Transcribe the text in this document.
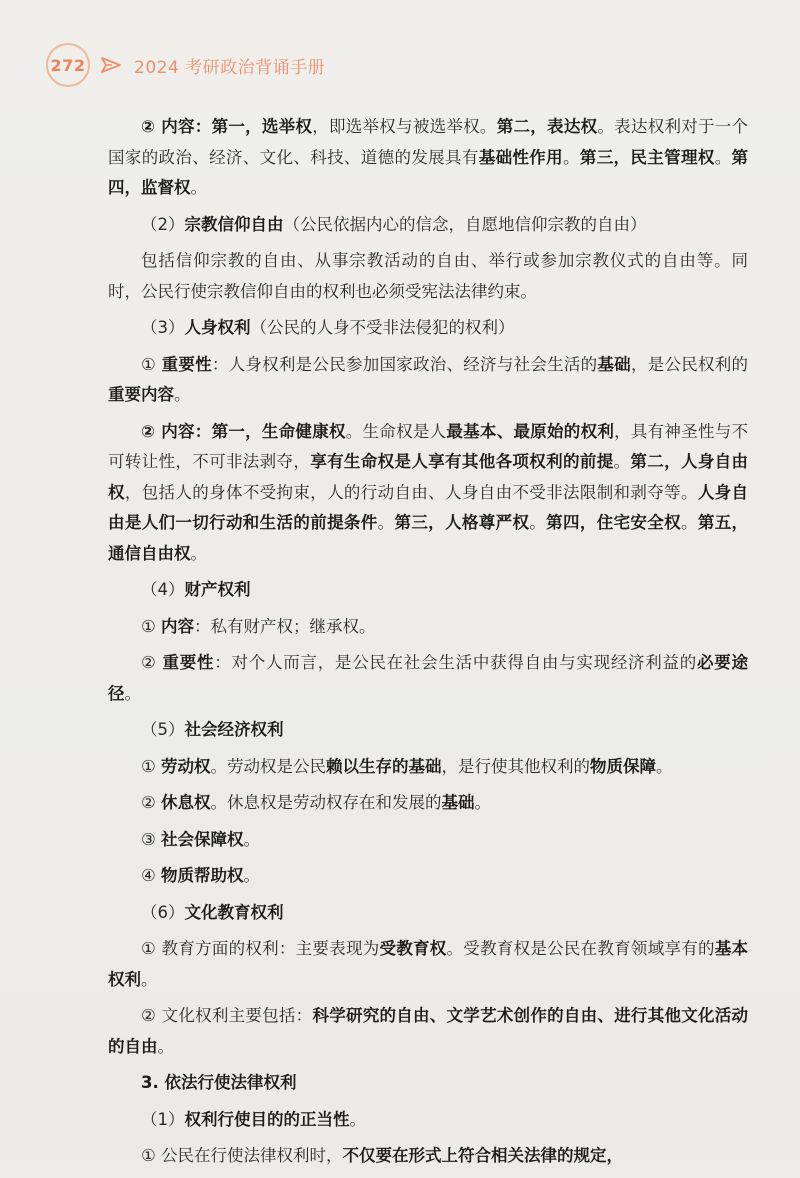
272	2024 考研政治背诵手册

② 内容：第一，选举权，即选举权与被选举权。第二，表达权。表达权利对于一个国家的政治、经济、文化、科技、道德的发展具有基础性作用。第三，民主管理权。第四，监督权。

（2）宗教信仰自由（公民依据内心的信念，自愿地信仰宗教的自由）

包括信仰宗教的自由、从事宗教活动的自由、举行或参加宗教仪式的自由等。同时，公民行使宗教信仰自由的权利也必须受宪法法律约束。

（3）人身权利（公民的人身不受非法侵犯的权利）

① 重要性：人身权利是公民参加国家政治、经济与社会生活的基础，是公民权利的重要内容。

② 内容：第一，生命健康权。生命权是人最基本、最原始的权利，具有神圣性与不可转让性，不可非法剥夺，享有生命权是人享有其他各项权利的前提。第二，人身自由权，包括人的身体不受拘束，人的行动自由、人身自由不受非法限制和剥夺等。人身自由是人们一切行动和生活的前提条件。第三，人格尊严权。第四，住宅安全权。第五，通信自由权。

（4）财产权利

① 内容：私有财产权；继承权。

② 重要性：对个人而言，是公民在社会生活中获得自由与实现经济利益的必要途径。

（5）社会经济权利

① 劳动权。劳动权是公民赖以生存的基础，是行使其他权利的物质保障。

② 休息权。休息权是劳动权存在和发展的基础。

③ 社会保障权。

④ 物质帮助权。

（6）文化教育权利

① 教育方面的权利：主要表现为受教育权。受教育权是公民在教育领域享有的基本权利。

② 文化权利主要包括：科学研究的自由、文学艺术创作的自由、进行其他文化活动的自由。

3. 依法行使法律权利

（1）权利行使目的的正当性。

① 公民在行使法律权利时，不仅要在形式上符合相关法律的规定，
